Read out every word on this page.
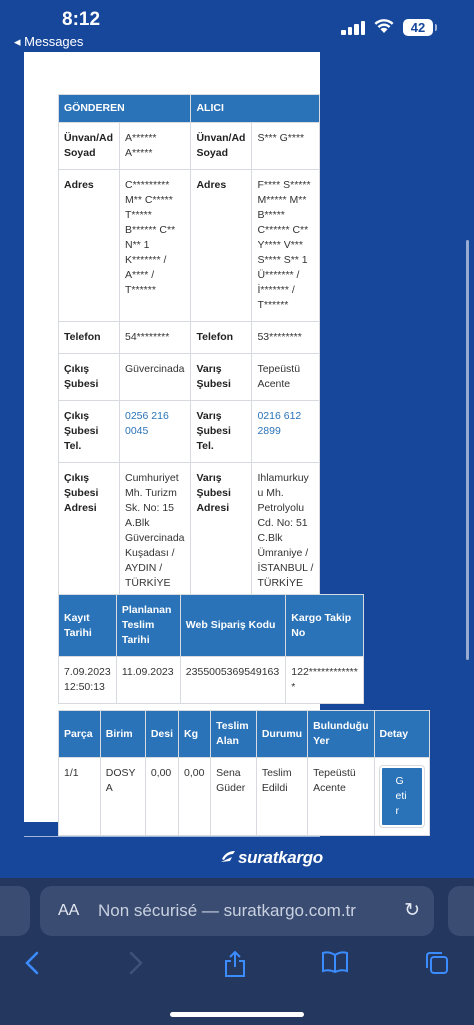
8:12
◂ Messages
42
GÖNDEREN		ALICI	
Ünvan/Ad Soyad	A****** A*****	Ünvan/Ad Soyad	S*** G****
Adres	C********* M** C***** T***** B****** C** N** 1 K******* / A**** / T******	Adres	F**** S***** M***** M** B***** C****** C** Y**** V*** S**** S** 1 Ü******* / İ******* / T******
Telefon	54********	Telefon	53********
Çıkış Şubesi	Güvercinada	Varış Şubesi	Tepeüstü Acente
Çıkış Şubesi Tel.	0256 216 0045	Varış Şubesi Tel.	0216 612 2899
Çıkış Şubesi Adresi	Cumhuriyet Mh. Turizm Sk. No: 15 A.Blk Güvercinada Kuşadası / AYDIN / TÜRKİYE	Varış Şubesi Adresi	Ihlamurkuyu Mh. Petrolyolu Cd. No: 51 C.Blk Ümraniye / İSTANBUL / TÜRKİYE
Kayıt Tarihi	Planlanan Teslim Tarihi	Web Sipariş Kodu	Kargo Takip No
7.09.2023 12:50:13	11.09.2023	2355005369549163	122*************
Parça	Birim	Desi	Kg	Teslim Alan	Durumu	Bulunduğu Yer	Detay
1/1	DOSYA	0,00	0,00	Sena Güder	Teslim Edildi	Tepeüstü Acente	Getir
suratkargo
AA Non sécurisé — suratkargo.com.tr	↻
